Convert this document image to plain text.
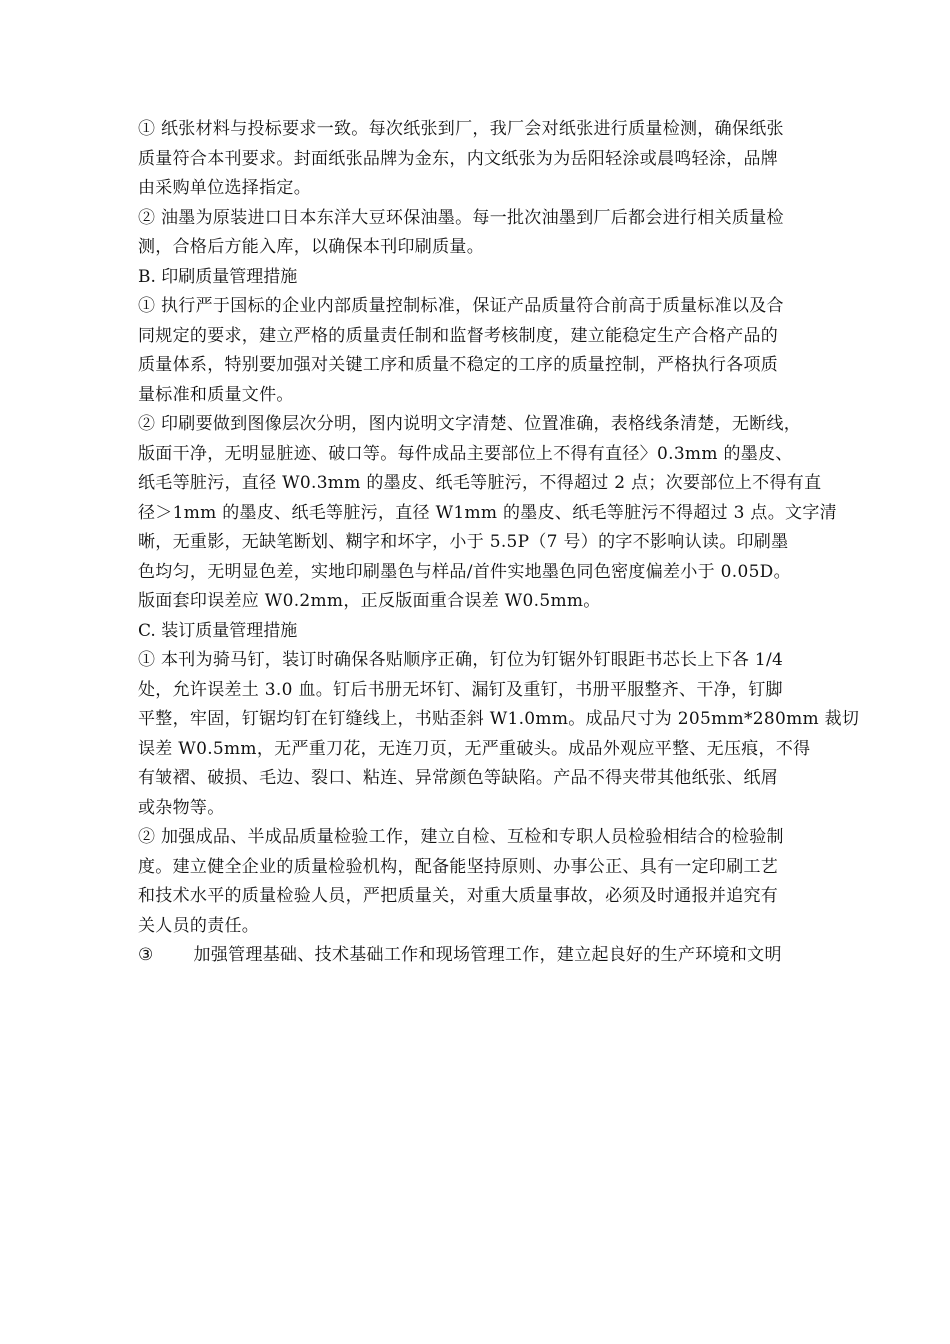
① 纸张材料与投标要求一致。每次纸张到厂，我厂会对纸张进行质量检测，确保纸张
质量符合本刊要求。封面纸张品牌为金东，内文纸张为为岳阳轻涂或晨鸣轻涂，品牌
由采购单位选择指定。
② 油墨为原装进口日本东洋大豆环保油墨。每一批次油墨到厂后都会进行相关质量检
测，合格后方能入库，以确保本刊印刷质量。
B. 印刷质量管理措施
① 执行严于国标的企业内部质量控制标准，保证产品质量符合前高于质量标准以及合
同规定的要求，建立严格的质量责任制和监督考核制度，建立能稳定生产合格产品的
质量体系，特别要加强对关键工序和质量不稳定的工序的质量控制，严格执行各项质
量标准和质量文件。
② 印刷要做到图像层次分明，图内说明文字清楚、位置准确，表格线条清楚，无断线，
版面干净，无明显脏迹、破口等。每件成品主要部位上不得有直径〉0.3mm 的墨皮、
纸毛等脏污，直径 W0.3mm 的墨皮、纸毛等脏污，不得超过 2 点；次要部位上不得有直
径＞1mm 的墨皮、纸毛等脏污，直径 W1mm 的墨皮、纸毛等脏污不得超过 3 点。文字清
晰，无重影，无缺笔断划、糊字和坏字，小于 5.5P（7 号）的字不影响认读。印刷墨
色均匀，无明显色差，实地印刷墨色与样品/首件实地墨色同色密度偏差小于 0.05D。
版面套印误差应 W0.2mm，正反版面重合误差 W0.5mm。
C. 装订质量管理措施
① 本刊为骑马钉，装订时确保各贴顺序正确，钉位为钉锯外钉眼距书芯长上下各 1/4
处，允许误差土 3.0 血。钉后书册无坏钉、漏钉及重钉，书册平服整齐、干净，钉脚
平整，牢固，钉锯均钉在钉缝线上，书贴歪斜 W1.0mm。成品尺寸为 205mm*280mm 裁切
误差 W0.5mm，无严重刀花，无连刀页，无严重破头。成品外观应平整、无压痕，不得
有皱褶、破损、毛边、裂口、粘连、异常颜色等缺陷。产品不得夹带其他纸张、纸屑
或杂物等。
② 加强成品、半成品质量检验工作，建立自检、互检和专职人员检验相结合的检验制
度。建立健全企业的质量检验机构，配备能坚持原则、办事公正、具有一定印刷工艺
和技术水平的质量检验人员，严把质量关，对重大质量事故，必须及时通报并追究有
关人员的责任。
③ 加强管理基础、技术基础工作和现场管理工作，建立起良好的生产环境和文明
